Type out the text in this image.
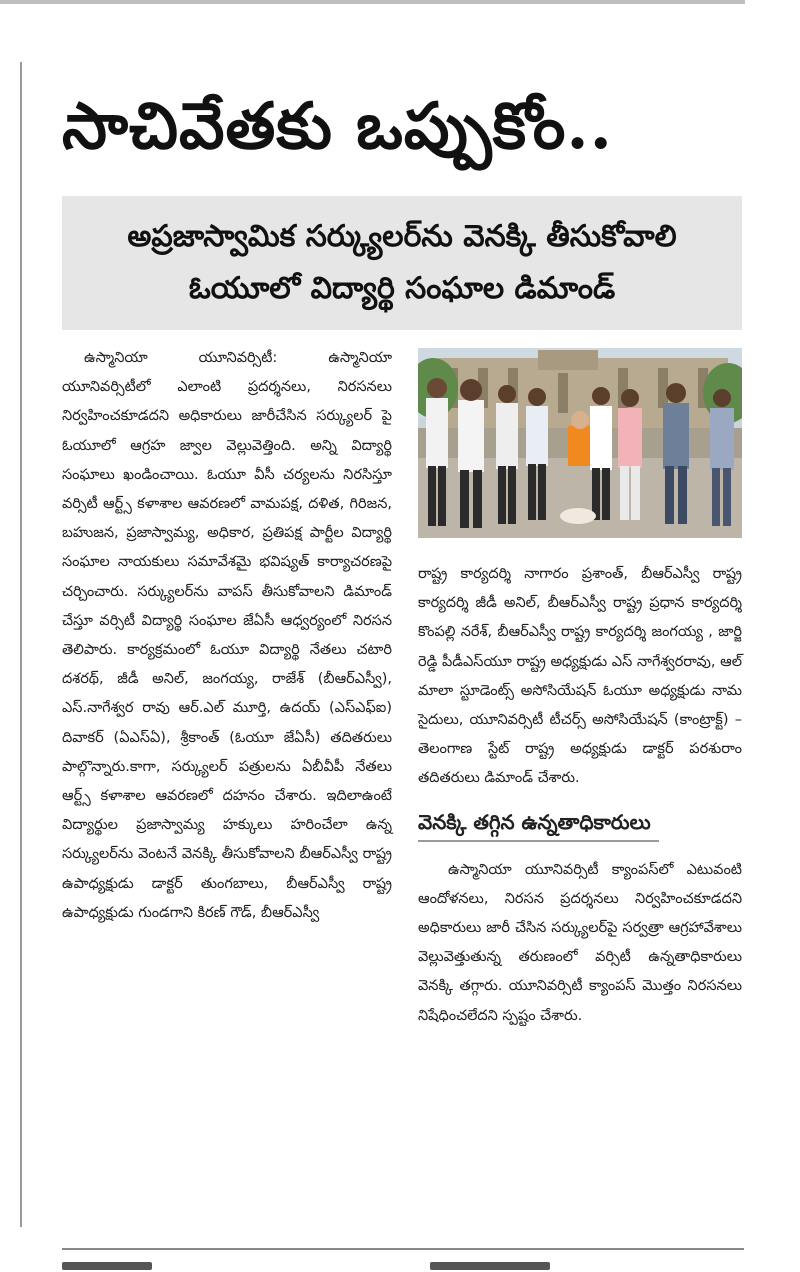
సాచివేతకు ఒప్పుకోం..
అప్రజాస్వామిక సర్క్యులర్‌ను వెనక్కి తీసుకోవాలి
ఓయూలో విద్యార్థి సంఘాల డిమాండ్

ఉస్మానియా యూనివర్సిటీ: ఉస్మానియా యూనివర్సిటీలో ఎలాంటి ప్రదర్శనలు, నిరసనలు నిర్వహించకూడదని అధికారులు జారీచేసిన సర్క్యులర్ పై ఓయూలో ఆగ్రహ జ్వాల వెల్లువెత్తింది. అన్ని విద్యార్థి సంఘాలు ఖండించాయి. ఓయూ వీసీ చర్యలను నిరసిస్తూ వర్సిటీ ఆర్ట్స్ కళాశాల ఆవరణలో వామపక్ష, దళిత, గిరిజన, బహుజన, ప్రజాస్వామ్య, అధికార, ప్రతిపక్ష పార్టీల విద్యార్థి సంఘాల నాయకులు సమావేశమై భవిష్యత్ కార్యాచరణపై చర్చించారు. సర్క్యులర్‌ను వాపస్ తీసుకోవాలని డిమాండ్ చేస్తూ వర్సిటీ విద్యార్థి సంఘాల జేఏసీ ఆధ్వర్యంలో నిరసన తెలిపారు. కార్యక్రమంలో ఓయూ విద్యార్థి నేతలు చటారి దశరథ్, జీడీ అనిల్, జంగయ్య, రాజేశ్ (బీఆర్ఎస్వీ), ఎస్.నాగేశ్వర రావు ఆర్.ఎల్ మూర్తి, ఉదయ్ (ఎస్ఎఫ్ఐ) దివాకర్ (ఏఎస్ఏ), శ్రీకాంత్ (ఓయూ జేఏసీ) తదితరులు పాల్గొన్నారు.కాగా, సర్క్యులర్ పత్రులను ఏబీవీపీ నేతలు ఆర్ట్స్ కళాశాల ఆవరణలో దహనం చేశారు. ఇదిలాఉంటే విద్యార్థుల ప్రజాస్వామ్య హక్కులు హరించేలా ఉన్న సర్క్యులర్‌ను వెంటనే వెనక్కి తీసుకోవాలని బీఆర్ఎస్వీ రాష్ట్ర ఉపాధ్యక్షుడు డాక్టర్ తుంగబాలు, బీఆర్ఎస్వీ రాష్ట్ర ఉపాధ్యక్షుడు గుండగాని కిరణ్ గౌడ్, బీఆర్ఎస్వీ

రాష్ట్ర కార్యదర్శి నాగారం ప్రశాంత్, బీఆర్ఎస్వీ రాష్ట్ర కార్యదర్శి జీడీ అనిల్, బీఆర్ఎస్వీ రాష్ట్ర ప్రధాన కార్యదర్శి కొంపల్లి నరేశ్, బీఆర్ఎస్వీ రాష్ట్ర కార్యదర్శి జంగయ్య , జార్జి రెడ్డి పీడీఎస్‌యూ రాష్ట్ర అధ్యక్షుడు ఎస్ నాగేశ్వరరావు, ఆల్ మాలా స్టూడెంట్స్ అసోసియేషన్ ఓయూ అధ్యక్షుడు నామ సైదులు, యూనివర్సిటీ టీచర్స్ అసోసియేషన్ (కాంట్రాక్ట్) – తెలంగాణ స్టేట్ రాష్ట్ర అధ్యక్షుడు డాక్టర్ పరశురాం తదితరులు డిమాండ్ చేశారు.

వెనక్కి తగ్గిన ఉన్నతాధికారులు

ఉస్మానియా యూనివర్సిటీ క్యాంపస్‌లో ఎటువంటి ఆందోళనలు, నిరసన ప్రదర్శనలు నిర్వహించకూడదని అధికారులు జారీ చేసిన సర్క్యులర్‌పై సర్వత్రా ఆగ్రహావేశాలు వెల్లువెత్తుతున్న తరుణంలో వర్సిటీ ఉన్నతాధికారులు వెనక్కి తగ్గారు. యూనివర్సిటీ క్యాంపస్ మొత్తం నిరసనలు నిషేధించలేదని స్పష్టం చేశారు.
